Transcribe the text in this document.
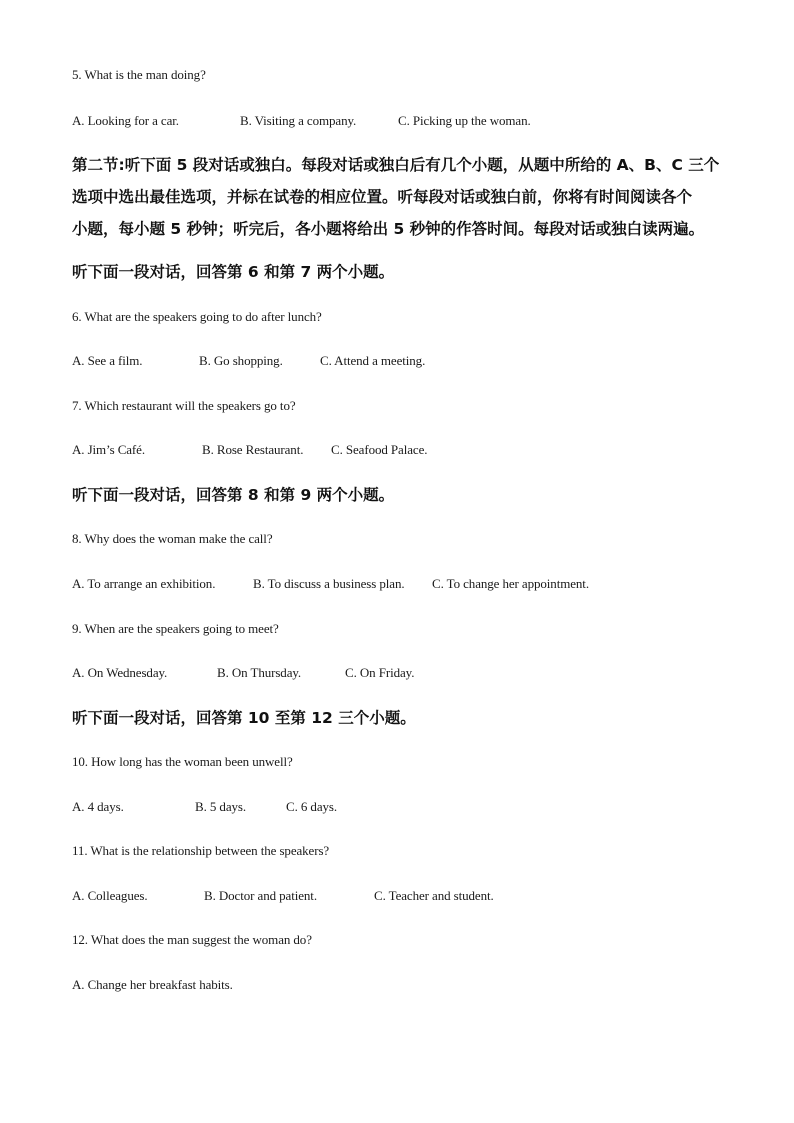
5. What is the man doing?

A. Looking for a car.	B. Visiting a company.	C. Picking up the woman.

第二节:听下面 5 段对话或独白。每段对话或独白后有几个小题，从题中所给的 A、B、C 三个

选项中选出最佳选项，并标在试卷的相应位置。听每段对话或独白前，你将有时间阅读各个

小题，每小题 5 秒钟；听完后，各小题将给出 5 秒钟的作答时间。每段对话或独白读两遍。

听下面一段对话，回答第 6 和第 7 两个小题。

6. What are the speakers going to do after lunch?

A. See a film.	B. Go shopping.	C. Attend a meeting.

7. Which restaurant will the speakers go to?

A. Jim’s Café.	B. Rose Restaurant. C. Seafood Palace.

听下面一段对话，回答第 8 和第 9 两个小题。

8. Why does the woman make the call?

A. To arrange an exhibition.	B. To discuss a business plan. C. To change her appointment.

9. When are the speakers going to meet?

A. On Wednesday.	B. On Thursday.	C. On Friday.

听下面一段对话，回答第 10 至第 12 三个小题。

10. How long has the woman been unwell?

A. 4 days.	B. 5 days.	C. 6 days.

11. What is the relationship between the speakers?

A. Colleagues.	B. Doctor and patient.	C. Teacher and student.

12. What does the man suggest the woman do?

A. Change her breakfast habits.
